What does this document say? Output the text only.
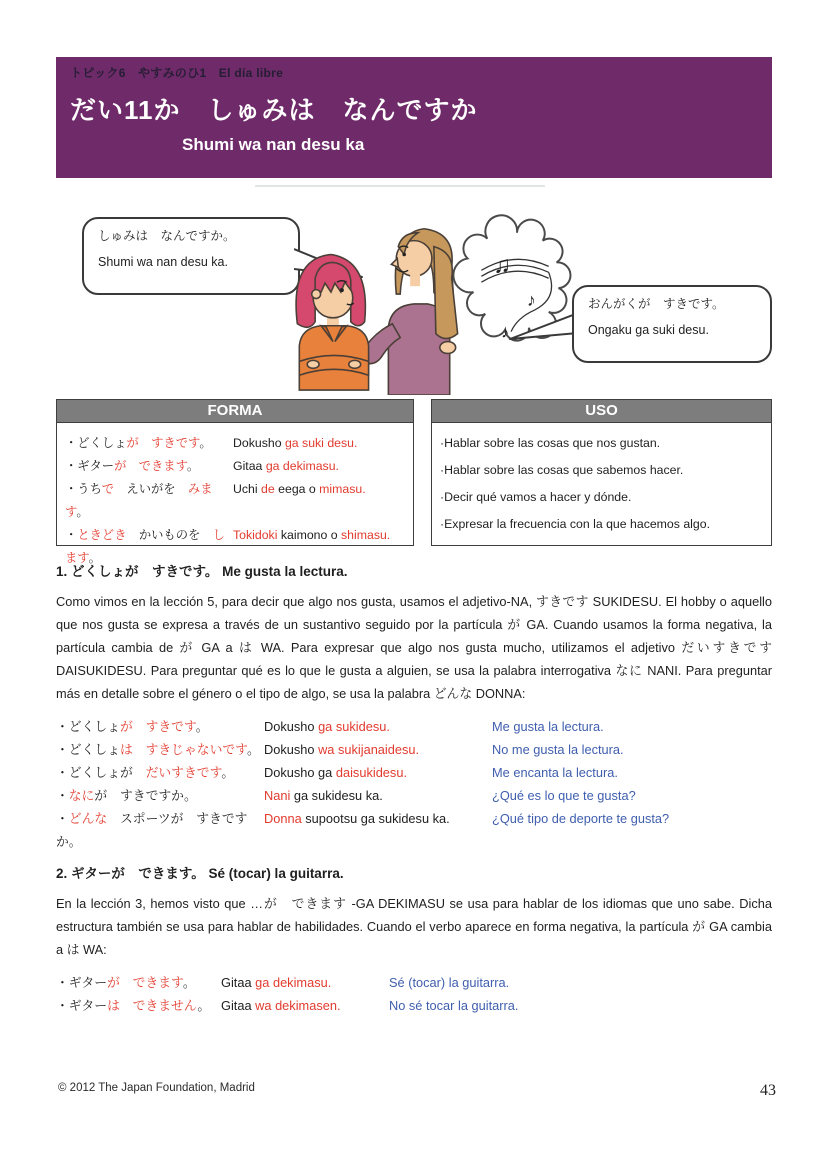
トピック6　やすみのひ1　El día libre
だい11か　しゅみは　なんですか
Shumi wa nan desu ka
しゅみは　なんですか。
Shumi wa nan desu ka.	♫
♪
♪
おんがくが　すきです。
Ongaku ga suki desu.
FORMA
・どくしょが　すきです。	Dokusho ga suki desu.
・ギターが　できます。	Gitaa ga dekimasu.
・うちで　えいがを　みます。
Uchi de eega o mimasu.
・ときどき　かいものを　します。
Tokidoki kaimono o shimasu.
USO
·Hablar sobre las cosas que nos gustan.
·Hablar sobre las cosas que sabemos hacer.
·Decir qué vamos a hacer y dónde.
·Expresar la frecuencia con la que hacemos algo.
1. どくしょが　すきです。 Me gusta la lectura.
Como vimos en la lección 5, para decir que algo nos gusta, usamos el adjetivo-NA, すきです SUKIDESU. El hobby o aquello que nos gusta se expresa a través de un sustantivo seguido por la partícula が GA. Cuando usamos la forma negativa, la partícula cambia de が GA a は WA. Para expresar que algo nos gusta mucho, utilizamos el adjetivo だいすきです DAISUKIDESU. Para preguntar qué es lo que le gusta a alguien, se usa la palabra interrogativa なに NANI. Para preguntar más en detalle sobre el género o el tipo de algo, se usa la palabra どんな DONNA:
・どくしょが　すきです。	Dokusho ga sukidesu.	Me gusta la lectura.
・どくしょは　すきじゃないです。 Dokusho wa sukijanaidesu.	No me gusta la lectura.
・どくしょが　だいすきです。	Dokusho ga daisukidesu.	Me encanta la lectura.
・なにが　すきですか。	Nani ga sukidesu ka.	¿Qué es lo que te gusta?
・どんな　スポーツが　すきですか。
Donna supootsu ga sukidesu ka.	¿Qué tipo de deporte te gusta?
2. ギターが　できます。 Sé (tocar) la guitarra.
En la lección 3, hemos visto que …が　できます -GA DEKIMASU se usa para hablar de los idiomas que uno sabe. Dicha estructura también se usa para hablar de habilidades. Cuando el verbo aparece en forma negativa, la partícula が GA cambia a は WA:
・ギターが　できます。	Gitaa ga dekimasu.	Sé (tocar) la guitarra.
・ギターは　できません。 Gitaa wa dekimasen.	No sé tocar la guitarra.
© 2012 The Japan Foundation, Madrid	43
